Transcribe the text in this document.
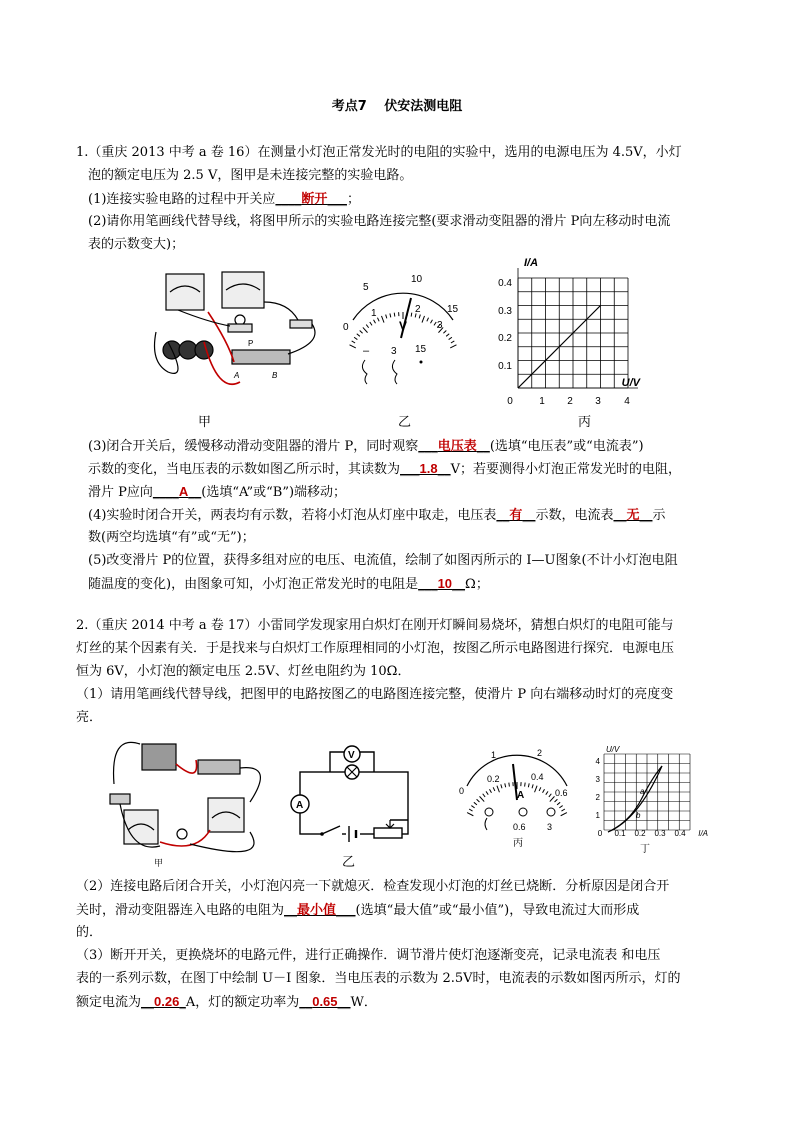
考点7　 伏安法测电阻
1.（重庆 2013 中考 a 卷 16）在测量小灯泡正常发光时的电阻的实验中，选用的电源电压为 4.5V，小灯
泡的额定电压为 2.5 V，图甲是未连接完整的实验电路。
(1)连接实验电路的过程中开关应____断开___；
(2)请你用笔画线代替导线，将图甲所示的实验电路连接完整(要求滑动变阻器的滑片 P向左移动时电流
表的示数变大)；
P
A	B
甲
5
10
0
1	2
3
15
V
– 3 15
乙
I/A
U/V
0.4
0.3
0.2
0.1
0	1 2 3 4
丙
(3)闭合开关后，缓慢移动滑动变阻器的滑片 P，同时观察___电压表__(选填“电压表”或“电流表”)
示数的变化，当电压表的示数如图乙所示时，其读数为___1.8__V；若要测得小灯泡正常发光时的电阻，
滑片 P应向____A__(选填“A”或“B”)端移动；
(4)实验时闭合开关，两表均有示数，若将小灯泡从灯座中取走，电压表__有__示数，电流表__无__示
数(两空均选填“有”或“无”)；
(5)改变滑片 P的位置，获得多组对应的电压、电流值，绘制了如图丙所示的 I—U图象(不计小灯泡电阻
随温度的变化)，由图象可知，小灯泡正常发光时的电阻是___10__Ω；
2.（重庆 2014 中考 a 卷 17）小雷同学发现家用白炽灯在刚开灯瞬间易烧坏，猜想白炽灯的电阻可能与
灯丝的某个因素有关．于是找来与白炽灯工作原理相同的小灯泡，按图乙所示电路图进行探究．电源电压
恒为 6V，小灯泡的额定电压 2.5V、灯丝电阻约为 10Ω．
（1）请用笔画线代替导线，把图甲的电路按图乙的电路图连接完整，使滑片 P 向右端移动时灯的亮度变
亮．
甲
V
A
乙
1	2
0
0.2	0.4
0.6
A
0.6 3
丙
a
b
U/V
I/A
4
3
2
1
0 0.1 0.2 0.3 0.4
丁
（2）连接电路后闭合开关，小灯泡闪亮一下就熄灭．检查发现小灯泡的灯丝已烧断．分析原因是闭合开
关时，滑动变阻器连入电路的电阻为__最小值___(选填“最大值”或“最小值”)，导致电流过大而形成
的．
（3）断开开关，更换烧坏的电路元件，进行正确操作．调节滑片使灯泡逐渐变亮，记录电流表 和电压
表的一系列示数，在图丁中绘制 U－I 图象．当电压表的示数为 2.5V时，电流表的示数如图丙所示，灯的
额定电流为__0.26_A，灯的额定功率为__0.65__W．
